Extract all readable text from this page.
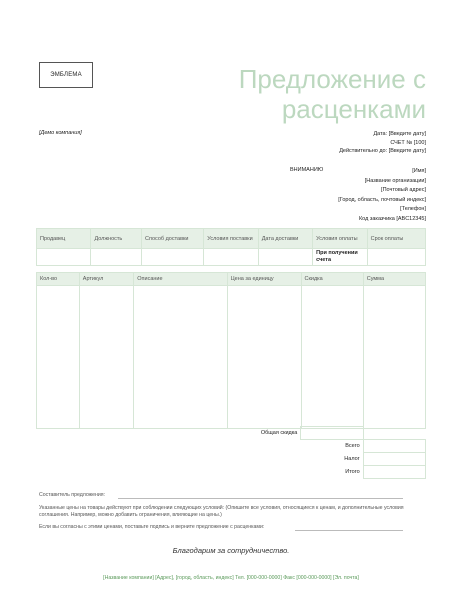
ЭМБЛЕМА	Предложение с
расценками
[Демо компания]	Дата: [Введите дату]
СЧЕТ № [100]
Действительно до: [Введите дату]
ВНИМАНИЮ	[Имя]
[Название организации]
[Почтовый адрес]
[Город, область, почтовый индекс]
[Телефон]
Код заказчика [ABC12345]
Продавец	Должность	Способ доставки	Условия поставки	Дата доставки	Условия оплаты	Срок оплаты
					При получении счета	
Кол-во	Артикул	Описание	Цена за единицу	Скидка	Сумма

Общая скидка		
Всего		
Налог		
Итого		
Составитель предложения:
Указанные цены на товары действуют при соблюдении следующих условий: (Опишите все условия, относящиеся к ценам, и дополнительные условия соглашения. Например, можно добавить ограничения, влияющие на цены.)
Если вы согласны с этими ценами, поставьте подпись и верните предложение с расценками:
Благодарим за сотрудничество.
[Название компании] [Адрес], [город, область, индекс] Тел. [000-000-0000] Факс [000-000-0000] [Эл. почта]
